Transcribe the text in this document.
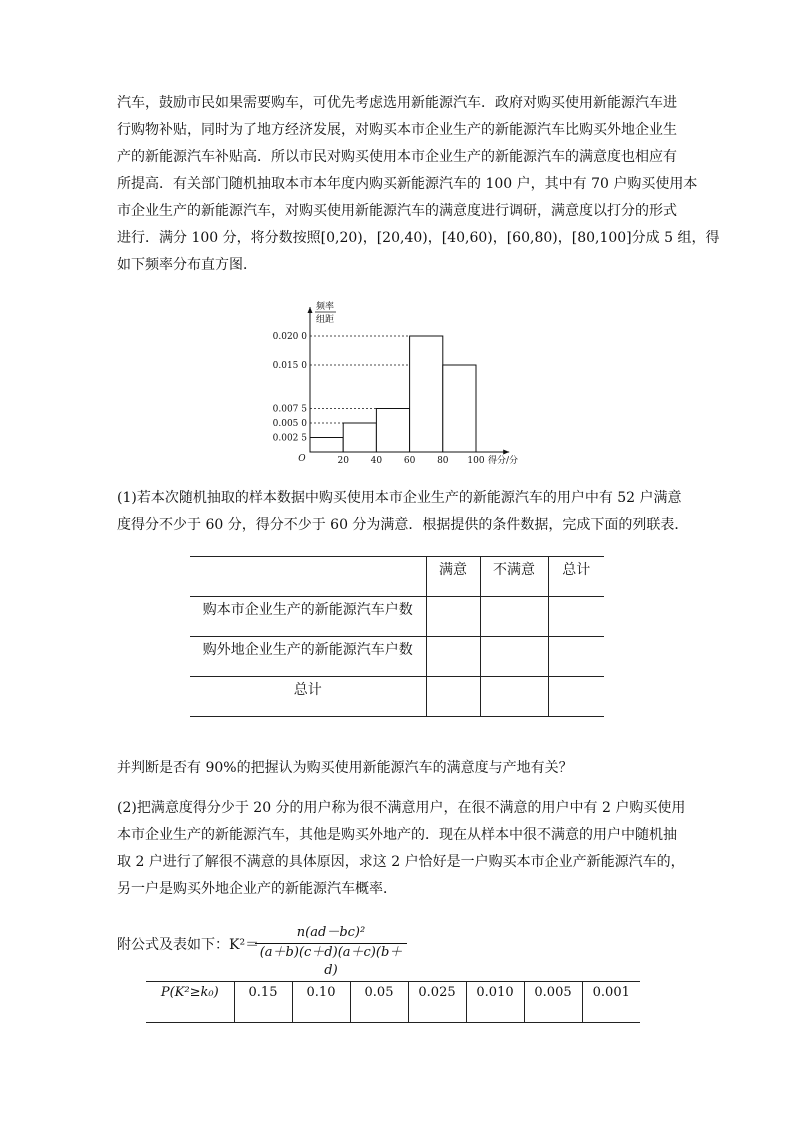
汽车，鼓励市民如果需要购车，可优先考虑选用新能源汽车．政府对购买使用新能源汽车进
行购物补贴，同时为了地方经济发展，对购买本市企业生产的新能源汽车比购买外地企业生
产的新能源汽车补贴高．所以市民对购买使用本市企业生产的新能源汽车的满意度也相应有
所提高．有关部门随机抽取本市本年度内购买新能源汽车的 100 户，其中有 70 户购买使用本
市企业生产的新能源汽车，对购买使用新能源汽车的满意度进行调研，满意度以打分的形式
进行．满分 100 分，将分数按照[0,20)，[20,40)，[40,60)，[60,80)，[80,100]分成 5 组，得
如下频率分布直方图．
0.002 5
0.005 0
0.007 5
0.015 0
0.020 0
20 40 60 80 100
O	得分/分
频率
组距
(1)若本次随机抽取的样本数据中购买使用本市企业生产的新能源汽车的用户中有 52 户满意
度得分不少于 60 分，得分不少于 60 分为满意．根据提供的条件数据，完成下面的列联表．
	满意	不满意	总计
购本市企业生产的新能源汽车户数			
购外地企业生产的新能源汽车户数			
总计			
并判断是否有 90%的把握认为购买使用新能源汽车的满意度与产地有关？
(2)把满意度得分少于 20 分的用户称为很不满意用户，在很不满意的用户中有 2 户购买使用
本市企业生产的新能源汽车，其他是购买外地产的．现在从样本中很不满意的用户中随机抽
取 2 户进行了解很不满意的具体原因，求这 2 户恰好是一户购买本市企业产新能源汽车的，
另一户是购买外地企业产的新能源汽车概率．
附公式及表如下：K²＝
$\frac{\text{n(ad－bc)²}}{(a+b)(c+d)(a+c)(b+d)}$
P(K²≥k₀)	0.15	0.10	0.05	0.025	0.010	0.005	0.001
